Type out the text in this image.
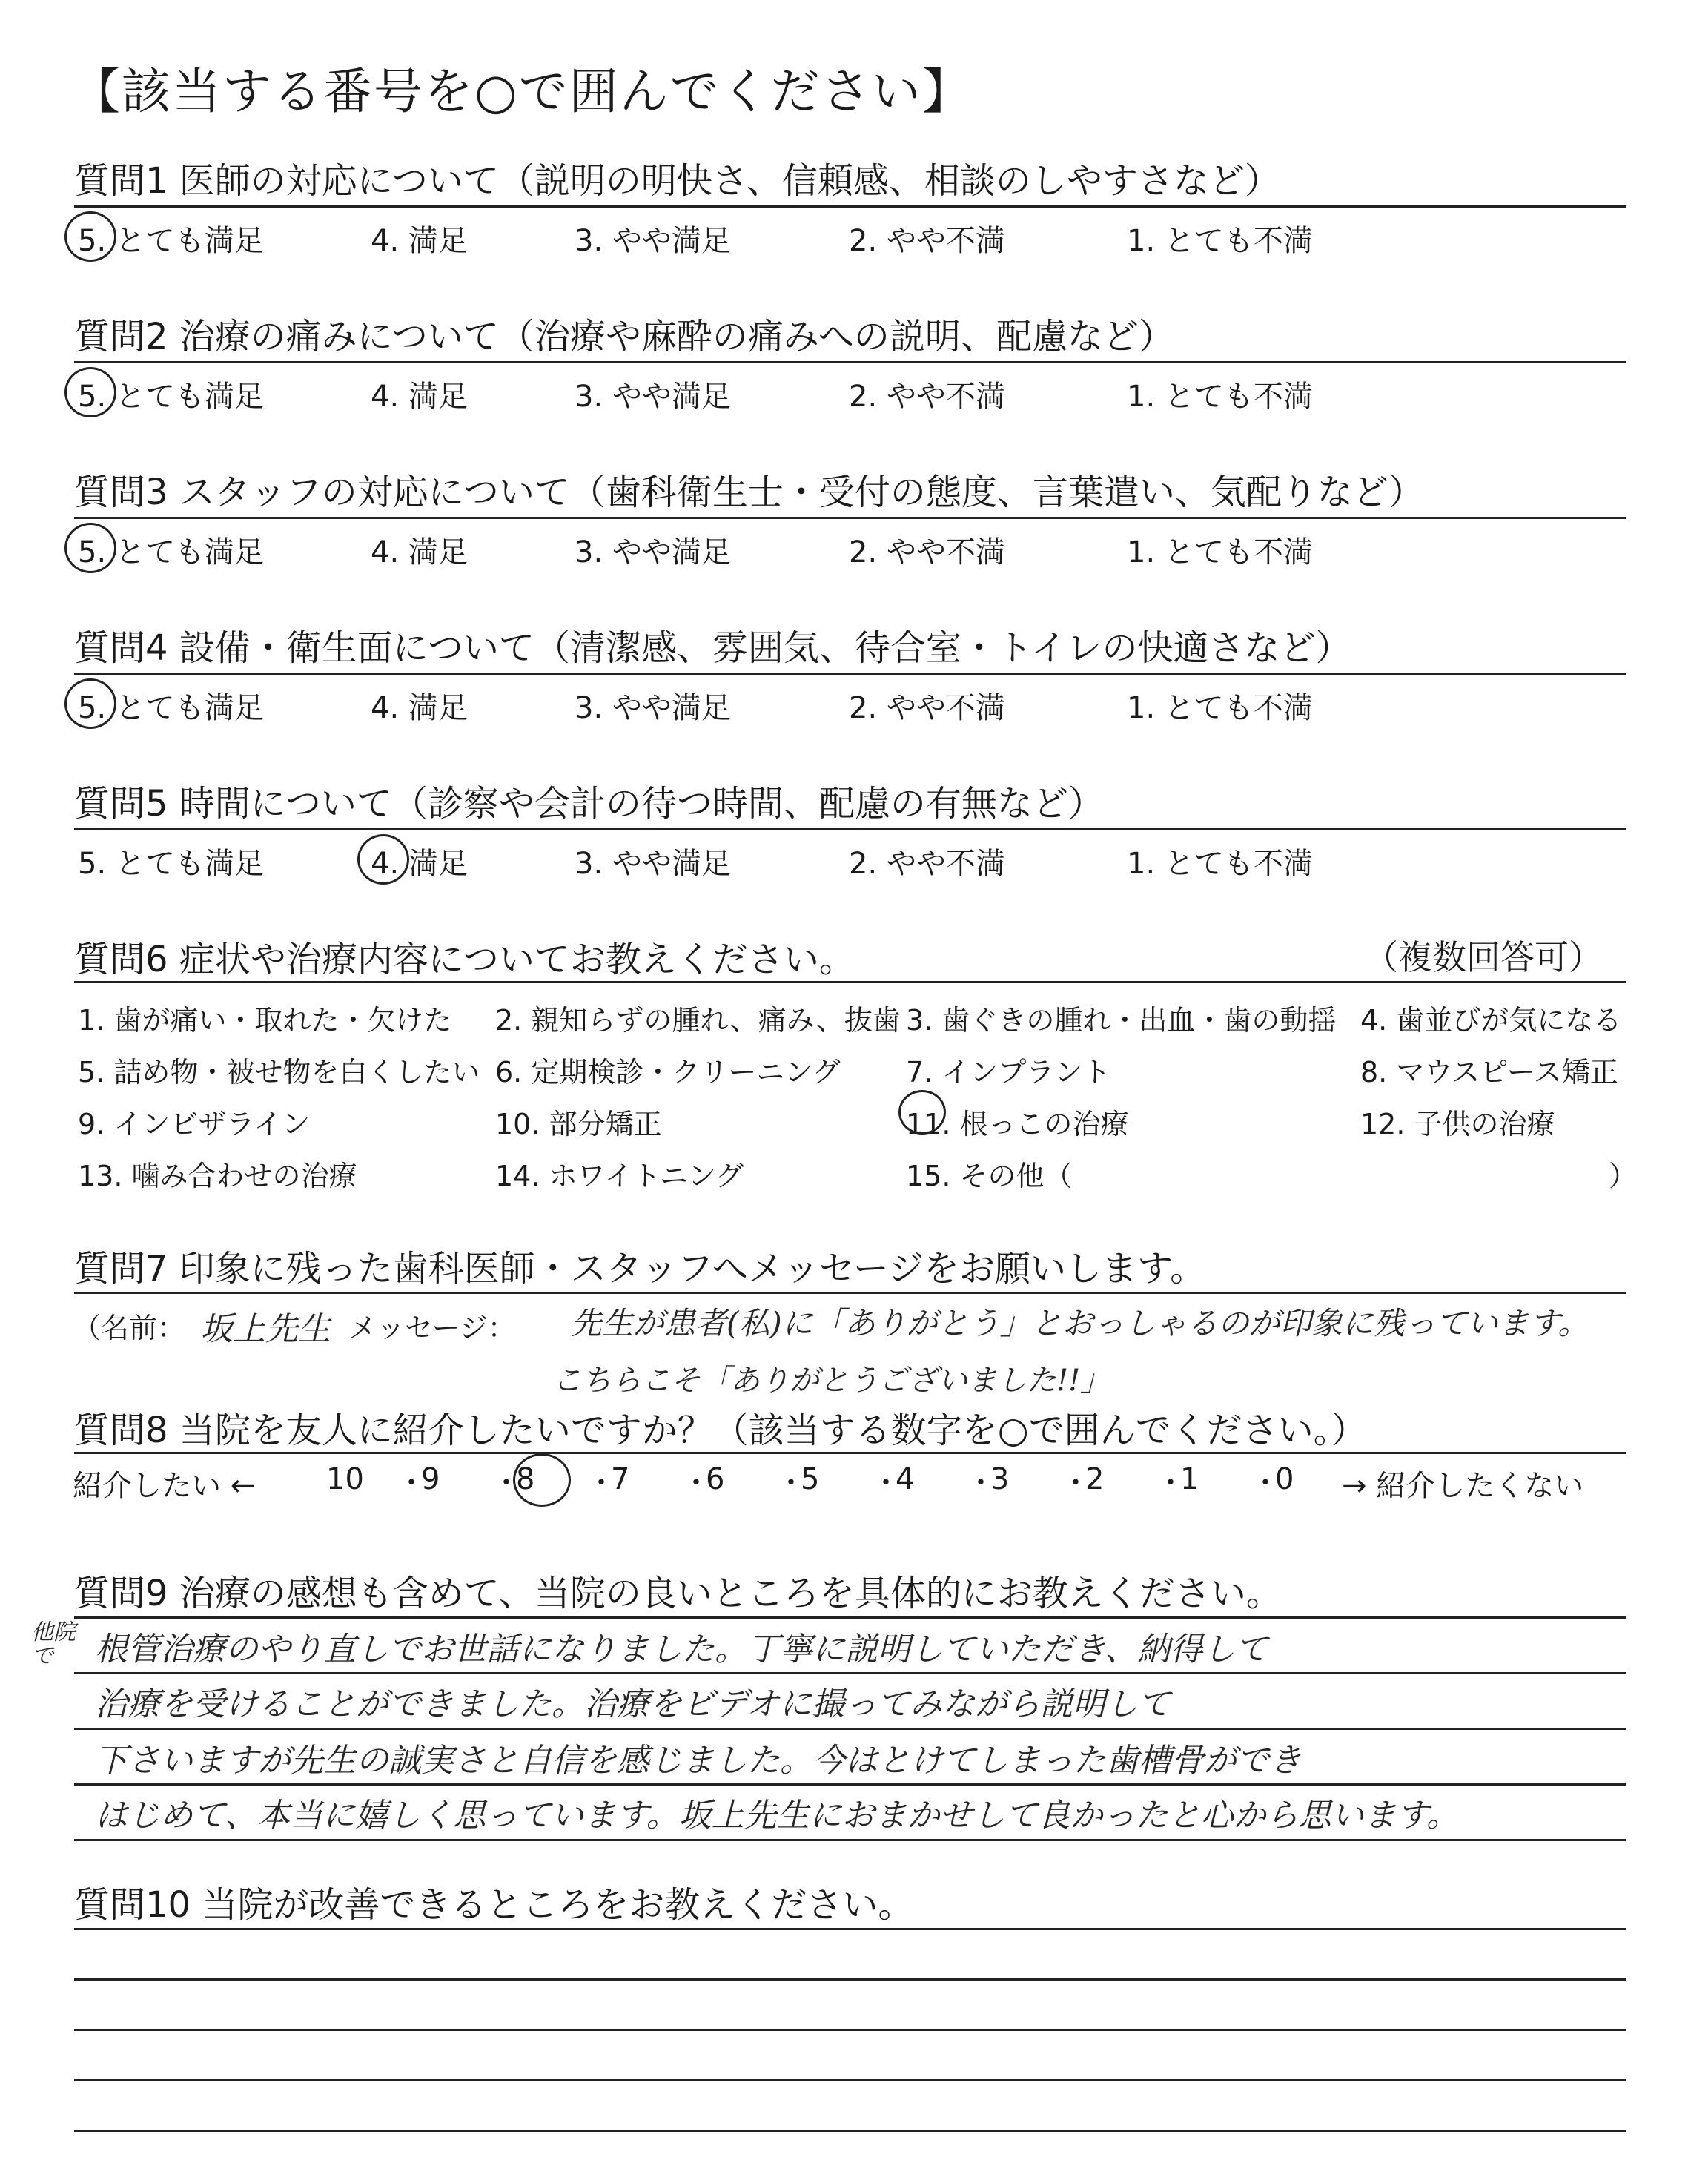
【該当する番号を○で囲んでください】
質問1 医師の対応について（説明の明快さ、信頼感、相談のしやすさなど）
5. とても満足	4. 満足	3. やや満足	2. やや不満	1. とても不満
質問2 治療の痛みについて（治療や麻酔の痛みへの説明、配慮など）
5. とても満足	4. 満足	3. やや満足	2. やや不満	1. とても不満
質問3 スタッフの対応について（歯科衛生士・受付の態度、言葉遣い、気配りなど）
5. とても満足	4. 満足	3. やや満足	2. やや不満	1. とても不満
質問4 設備・衛生面について（清潔感、雰囲気、待合室・トイレの快適さなど）
5. とても満足	4. 満足	3. やや満足	2. やや不満	1. とても不満
質問5 時間について（診察や会計の待つ時間、配慮の有無など）
5. とても満足	4. 満足	3. やや満足	2. やや不満	1. とても不満
質問6 症状や治療内容についてお教えください。	（複数回答可）
1. 歯が痛い・取れた・欠けた 2. 親知らずの腫れ、痛み、抜歯 3. 歯ぐきの腫れ・出血・歯の動揺 4. 歯並びが気になる
5. 詰め物・被せ物を白くしたい 6. 定期検診・クリーニング 7. インプラント	8. マウスピース矯正
9. インビザライン	10. 部分矯正	11. 根っこの治療	12. 子供の治療
13. 噛み合わせの治療	14. ホワイトニング	15. その他（	）
質問7 印象に残った歯科医師・スタッフへメッセージをお願いします。
（名前： 坂上先生 メッセージ： 先生が患者(私)に「ありがとう」とおっしゃるのが印象に残っています。
こちらこそ「ありがとうございました!!」
質問8 当院を友人に紹介したいですか？（該当する数字を○で囲んでください。）
紹介したい ← 10 ・
9 ・
8 ・
7 ・
6 ・
5 ・
4 ・
3 ・
2 ・
1 ・
0 → 紹介したくない
質問9 治療の感想も含めて、当院の良いところを具体的にお教えください。
他院で	根管治療のやり直しでお世話になりました。丁寧に説明していただき、納得して
治療を受けることができました。治療をビデオに撮ってみながら説明して
下さいますが先生の誠実さと自信を感じました。今はとけてしまった歯槽骨ができ
はじめて、本当に嬉しく思っています。坂上先生におまかせして良かったと心から思います。
質問10 当院が改善できるところをお教えください。
